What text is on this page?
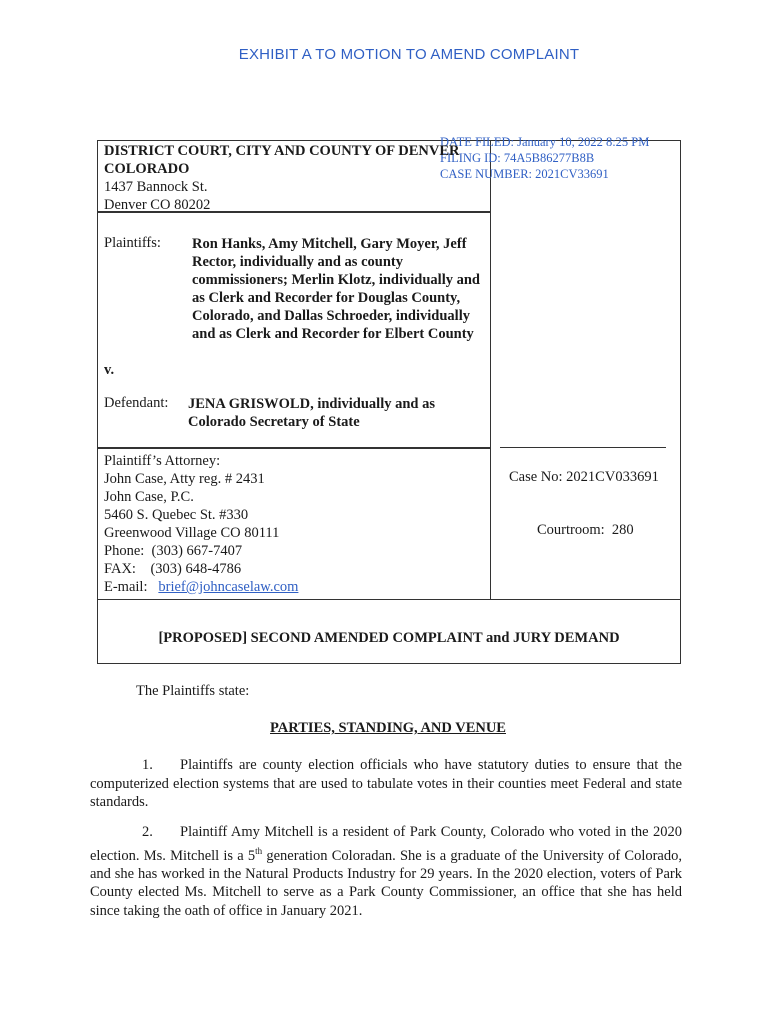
EXHIBIT A TO MOTION TO AMEND COMPLAINT
DATE FILED: January 10, 2022 8:25 PM
FILING ID: 74A5B86277B8B
CASE NUMBER: 2021CV33691
DISTRICT COURT, CITY AND COUNTY OF DENVER
COLORADO
1437 Bannock St.
Denver CO 80202
Plaintiffs: Ron Hanks, Amy Mitchell, Gary Moyer, Jeff Rector, individually and as county commissioners; Merlin Klotz, individually and as Clerk and Recorder for Douglas County, Colorado, and Dallas Schroeder, individually and as Clerk and Recorder for Elbert County
v.
Defendant: JENA GRISWOLD, individually and as Colorado Secretary of State
Plaintiff’s Attorney:
John Case, Atty reg. # 2431
John Case, P.C.
5460 S. Quebec St. #330
Greenwood Village CO 80111
Phone:  (303) 667-7407
FAX:    (303) 648-4786
E-mail: brief@johncaselaw.com
Case No: 2021CV033691
Courtroom:  280
[PROPOSED] SECOND AMENDED COMPLAINT and JURY DEMAND
The Plaintiffs state:
PARTIES, STANDING, AND VENUE
1. Plaintiffs are county election officials who have statutory duties to ensure that the computerized election systems that are used to tabulate votes in their counties meet Federal and state standards.
2. Plaintiff Amy Mitchell is a resident of Park County, Colorado who voted in the 2020 election. Ms. Mitchell is a 5th generation Coloradan. She is a graduate of the University of Colorado, and she has worked in the Natural Products Industry for 29 years. In the 2020 election, voters of Park County elected Ms. Mitchell to serve as a Park County Commissioner, an office that she has held since taking the oath of office in January 2021.
